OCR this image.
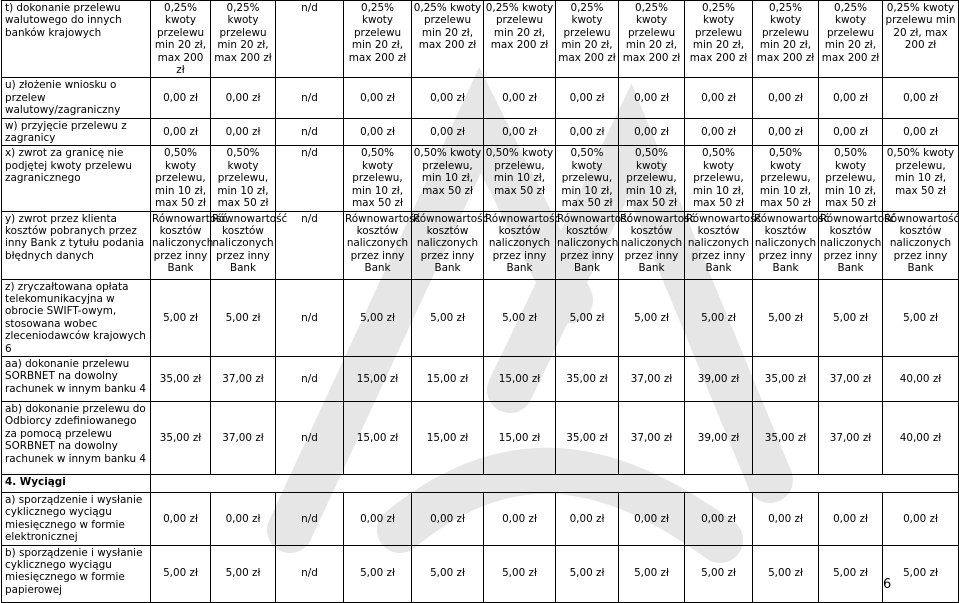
t) dokonanie przelewu walutowego do innych banków krajowych	0,25% kwoty przelewu min 20 zł, max 200 zł	0,25% kwoty przelewu min 20 zł, max 200 zł	n/d	0,25% kwoty przelewu min 20 zł, max 200 zł	0,25% kwoty przelewu min 20 zł, max 200 zł	0,25% kwoty przelewu min 20 zł, max 200 zł	0,25% kwoty przelewu min 20 zł, max 200 zł	0,25% kwoty przelewu min 20 zł, max 200 zł	0,25% kwoty przelewu min 20 zł, max 200 zł	0,25% kwoty przelewu min 20 zł, max 200 zł	0,25% kwoty przelewu min 20 zł, max 200 zł	0,25% kwoty przelewu min 20 zł, max 200 zł
u) złożenie wniosku o przelew walutowy/zagraniczny	0,00 zł	0,00 zł	n/d	0,00 zł	0,00 zł	0,00 zł	0,00 zł	0,00 zł	0,00 zł	0,00 zł	0,00 zł	0,00 zł
w) przyjęcie przelewu z zagranicy	0,00 zł	0,00 zł	n/d	0,00 zł	0,00 zł	0,00 zł	0,00 zł	0,00 zł	0,00 zł	0,00 zł	0,00 zł	0,00 zł
x) zwrot za granicę nie podjętej kwoty przelewu zagranicznego	0,50% kwoty przelewu, min 10 zł, max 50 zł	0,50% kwoty przelewu, min 10 zł, max 50 zł	n/d	0,50% kwoty przelewu, min 10 zł, max 50 zł	0,50% kwoty przelewu, min 10 zł, max 50 zł	0,50% kwoty przelewu, min 10 zł, max 50 zł	0,50% kwoty przelewu, min 10 zł, max 50 zł	0,50% kwoty przelewu, min 10 zł, max 50 zł	0,50% kwoty przelewu, min 10 zł, max 50 zł	0,50% kwoty przelewu, min 10 zł, max 50 zł	0,50% kwoty przelewu, min 10 zł, max 50 zł	0,50% kwoty przelewu, min 10 zł, max 50 zł
y) zwrot przez klienta kosztów pobranych przez inny Bank z tytułu podania błędnych danych	Równowartość kosztów naliczonych przez inny Bank	Równowartość kosztów naliczonych przez inny Bank	n/d	Równowartość kosztów naliczonych przez inny Bank	Równowartość kosztów naliczonych przez inny Bank	Równowartość kosztów naliczonych przez inny Bank	Równowartość kosztów naliczonych przez inny Bank	Równowartość kosztów naliczonych przez inny Bank	Równowartość kosztów naliczonych przez inny Bank	Równowartość kosztów naliczonych przez inny Bank	Równowartość kosztów naliczonych przez inny Bank	Równowartość kosztów naliczonych przez inny Bank
z) zryczałtowana opłata telekomunikacyjna w obrocie SWIFT-owym, stosowana wobec zleceniodawców krajowych 6	5,00 zł	5,00 zł	n/d	5,00 zł	5,00 zł	5,00 zł	5,00 zł	5,00 zł	5,00 zł	5,00 zł	5,00 zł	5,00 zł
aa) dokonanie przelewu SORBNET na dowolny rachunek w innym banku 4	35,00 zł	37,00 zł	n/d	15,00 zł	15,00 zł	15,00 zł	35,00 zł	37,00 zł	39,00 zł	35,00 zł	37,00 zł	40,00 zł
ab) dokonanie przelewu do Odbiorcy zdefiniowanego za pomocą przelewu SORBNET na dowolny rachunek w innym banku 4	35,00 zł	37,00 zł	n/d	15,00 zł	15,00 zł	15,00 zł	35,00 zł	37,00 zł	39,00 zł	35,00 zł	37,00 zł	40,00 zł
4. Wyciągi												
a) sporządzenie i wysłanie cyklicznego wyciągu miesięcznego w formie elektronicznej	0,00 zł	0,00 zł	n/d	0,00 zł	0,00 zł	0,00 zł	0,00 zł	0,00 zł	0,00 zł	0,00 zł	0,00 zł	0,00 zł
b) sporządzenie i wysłanie cyklicznego wyciągu miesięcznego w formie papierowej	5,00 zł	5,00 zł	n/d	5,00 zł	5,00 zł	5,00 zł	5,00 zł	5,00 zł	5,00 zł	5,00 zł	5,00 zł	5,00 zł
6
